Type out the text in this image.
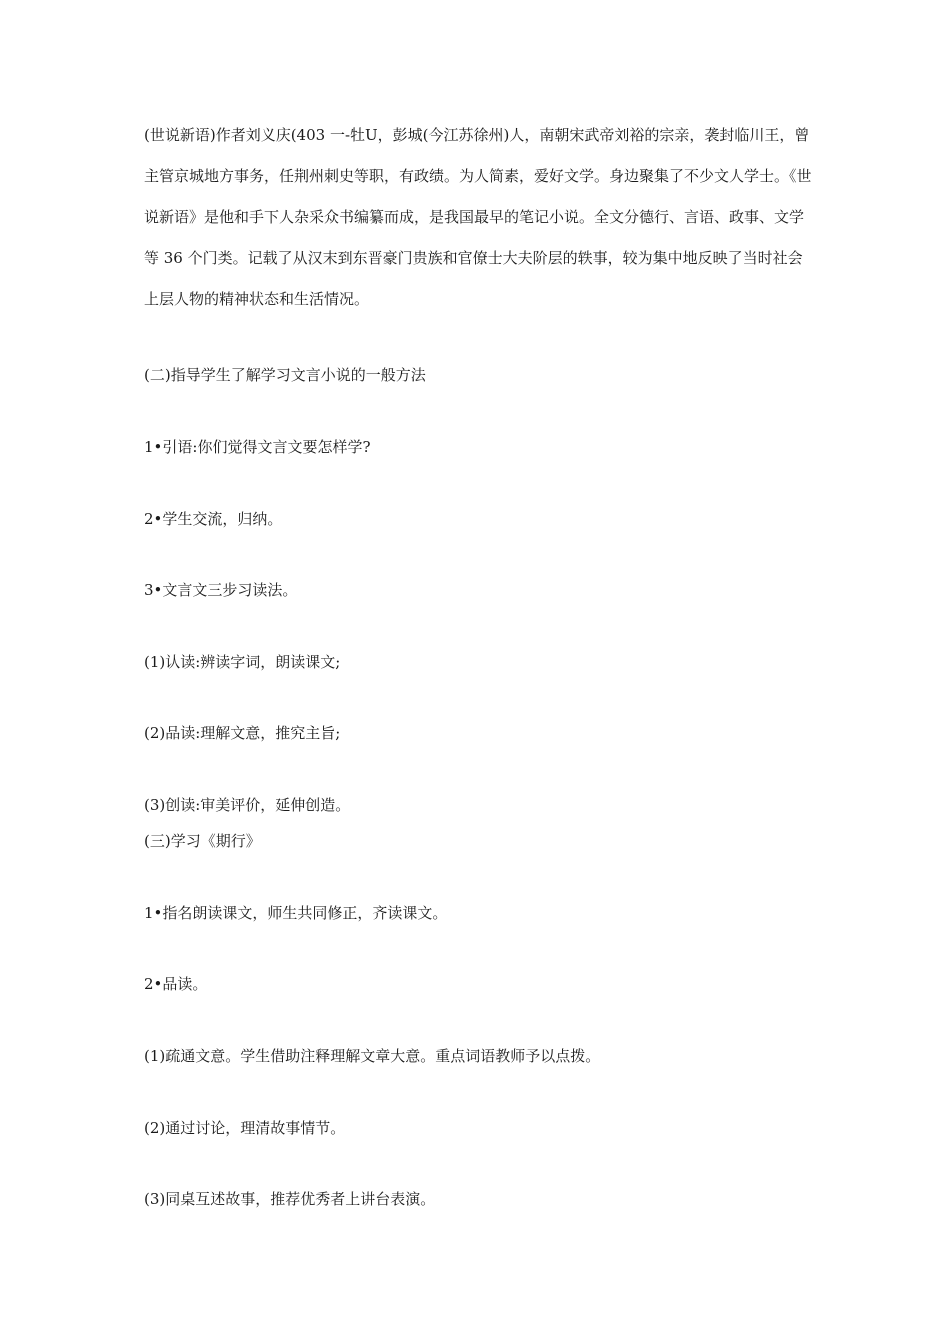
(世说新语)作者刘义庆(403 一-牡U，彭城(今江苏徐州)人，南朝宋武帝刘裕的宗亲，袭封临川王，曾主管京城地方事务，任荆州刺史等职，有政绩。为人简素，爱好文学。身边聚集了不少文人学士。《世说新语》是他和手下人杂采众书编纂而成，是我国最早的笔记小说。全文分德行、言语、政事、文学等 36 个门类。记载了从汉末到东晋豪门贵族和官僚士大夫阶层的轶事，较为集中地反映了当时社会上层人物的精神状态和生活情况。

(二)指导学生了解学习文言小说的一般方法

1•引语:你们觉得文言文要怎样学?

2•学生交流，归纳。

3•文言文三步习读法。

(1)认读:辨读字词，朗读课文;

(2)品读:理解文意，推究主旨;

(3)创读:审美评价，延伸创造。

(三)学习《期行》

1•指名朗读课文，师生共同修正，齐读课文。

2•品读。

(1)疏通文意。学生借助注释理解文章大意。重点词语教师予以点拨。

(2)通过讨论，理清故事情节。

(3)同桌互述故事，推荐优秀者上讲台表演。
